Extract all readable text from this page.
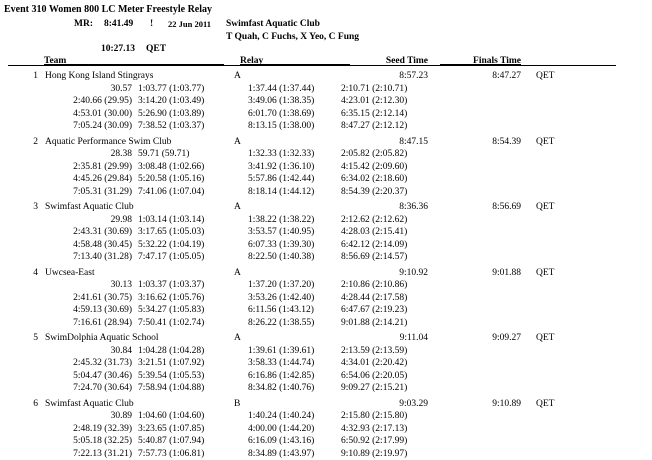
Event 310 Women 800 LC Meter Freestyle Relay
MR: 8:41.49 ! 22 Jun 2011 Swimfast Aquatic Club
T Quah, C Fuchs, X Yeo, C Fung
10:27.13 QET
Team	Relay	Seed Time	Finals Time
1 Hong Kong Island Stingrays	A	8:57.23	8:47.27 QET
30.57 1:03.77 (1:03.77)	1:37.44 (1:37.44)	2:10.71 (2:10.71)
2:40.66 (29.95) 3:14.20 (1:03.49)	3:49.06 (1:38.35)	4:23.01 (2:12.30)
4:53.01 (30.00) 5:26.90 (1:03.89)	6:01.70 (1:38.69)	6:35.15 (2:12.14)
7:05.24 (30.09) 7:38.52 (1:03.37)	8:13.15 (1:38.00)	8:47.27 (2:12.12)
2 Aquatic Performance Swim Club	A	8:47.15	8:54.39 QET
28.38 59.71 (59.71)	1:32.33 (1:32.33)	2:05.82 (2:05.82)
2:35.81 (29.99) 3:08.48 (1:02.66)	3:41.92 (1:36.10)	4:15.42 (2:09.60)
4:45.26 (29.84) 5:20.58 (1:05.16)	5:57.86 (1:42.44)	6:34.02 (2:18.60)
7:05.31 (31.29) 7:41.06 (1:07.04)	8:18.14 (1:44.12)	8:54.39 (2:20.37)
3 Swimfast Aquatic Club	A	8:36.36	8:56.69 QET
29.98 1:03.14 (1:03.14)	1:38.22 (1:38.22)	2:12.62 (2:12.62)
2:43.31 (30.69) 3:17.65 (1:05.03)	3:53.57 (1:40.95)	4:28.03 (2:15.41)
4:58.48 (30.45) 5:32.22 (1:04.19)	6:07.33 (1:39.30)	6:42.12 (2:14.09)
7:13.40 (31.28) 7:47.17 (1:05.05)	8:22.50 (1:40.38)	8:56.69 (2:14.57)
4 Uwcsea-East	A	9:10.92	9:01.88 QET
30.13 1:03.37 (1:03.37)	1:37.20 (1:37.20)	2:10.86 (2:10.86)
2:41.61 (30.75) 3:16.62 (1:05.76)	3:53.26 (1:42.40)	4:28.44 (2:17.58)
4:59.13 (30.69) 5:34.27 (1:05.83)	6:11.56 (1:43.12)	6:47.67 (2:19.23)
7:16.61 (28.94) 7:50.41 (1:02.74)	8:26.22 (1:38.55)	9:01.88 (2:14.21)
5 SwimDolphia Aquatic School	A	9:11.04	9:09.27 QET
30.84 1:04.28 (1:04.28)	1:39.61 (1:39.61)	2:13.59 (2:13.59)
2:45.32 (31.73) 3:21.51 (1:07.92)	3:58.33 (1:44.74)	4:34.01 (2:20.42)
5:04.47 (30.46) 5:39.54 (1:05.53)	6:16.86 (1:42.85)	6:54.06 (2:20.05)
7:24.70 (30.64) 7:58.94 (1:04.88)	8:34.82 (1:40.76)	9:09.27 (2:15.21)
6 Swimfast Aquatic Club	B	9:03.29	9:10.89 QET
30.89 1:04.60 (1:04.60)	1:40.24 (1:40.24)	2:15.80 (2:15.80)
2:48.19 (32.39) 3:23.65 (1:07.85)	4:00.00 (1:44.20)	4:32.93 (2:17.13)
5:05.18 (32.25) 5:40.87 (1:07.94)	6:16.09 (1:43.16)	6:50.92 (2:17.99)
7:22.13 (31.21) 7:57.73 (1:06.81)	8:34.89 (1:43.97)	9:10.89 (2:19.97)
